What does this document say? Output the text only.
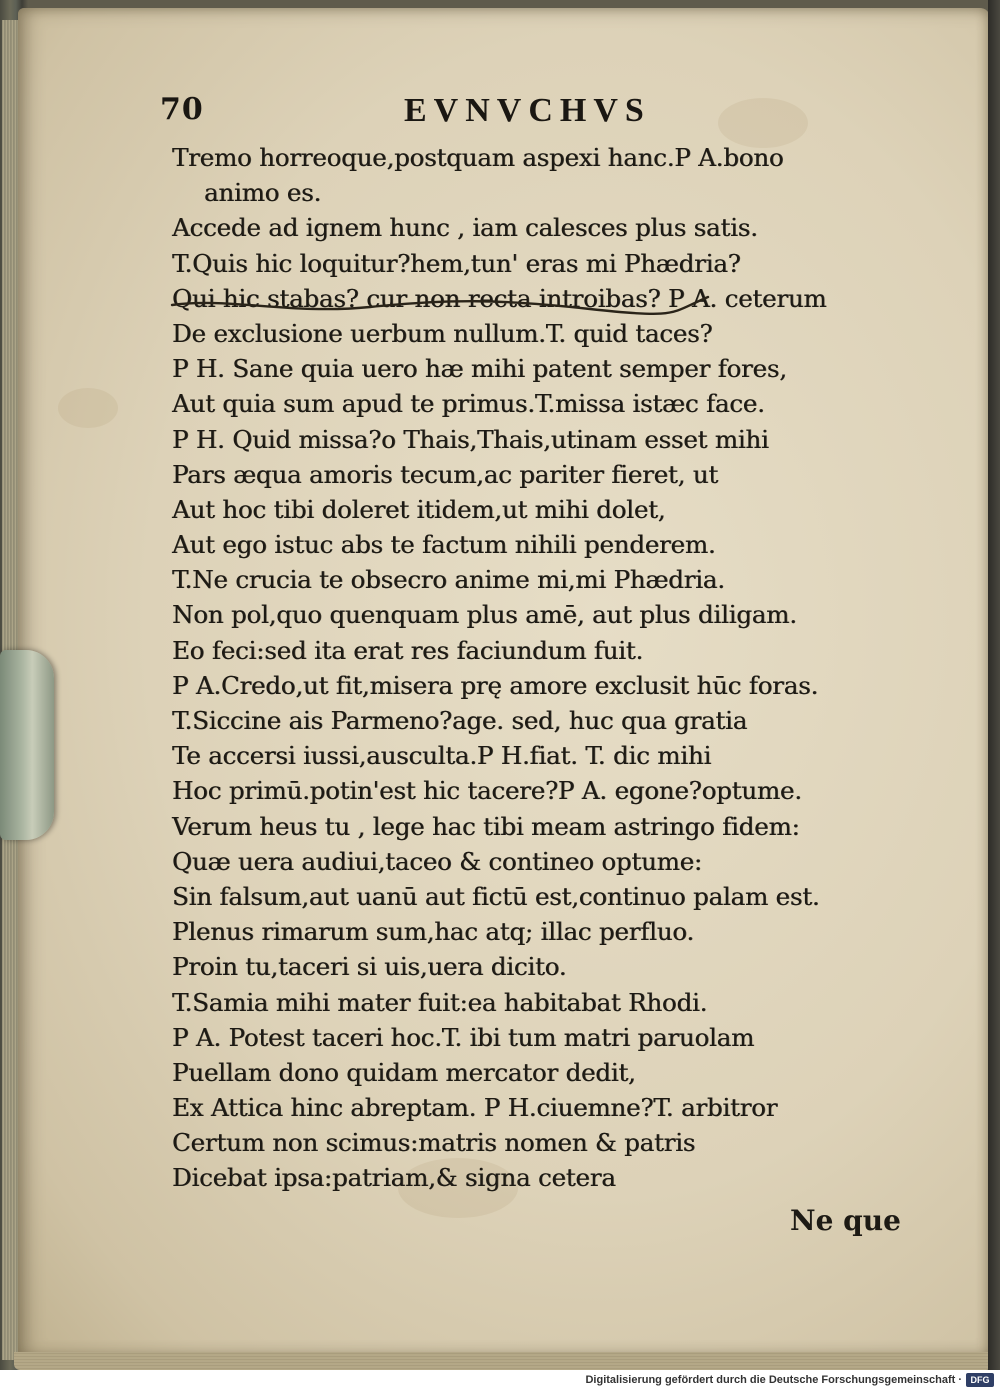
70	EVNVCHVS
Tremo horreoque,postquam aspexi hanc.P A.bono
animo es.
Accede ad ignem hunc , iam calesces plus satis.
T.Quis hic loquitur?hem,tun' eras mi Phædria?
Qui hic stabas? cur non recta introibas? P A. ceterum
De exclusione uerbum nullum.T. quid taces?
P H. Sane quia uero hæ mihi patent semper fores,
Aut quia sum apud te primus.T.missa istæc face.
P H. Quid missa?o Thais,Thais,utinam esset mihi
Pars æqua amoris tecum,ac pariter fieret, ut
Aut hoc tibi doleret itidem,ut mihi dolet,
Aut ego istuc abs te factum nihili penderem.
T.Ne crucia te obsecro anime mi,mi Phædria.
Non pol,quo quenquam plus amē, aut plus diligam.
Eo feci:sed ita erat res faciundum fuit.
P A.Credo,ut fit,misera prę amore exclusit hūc foras.
T.Siccine ais Parmeno?age. sed, huc qua gratia
Te accersi iussi,ausculta.P H.fiat. T. dic mihi
Hoc primū.potin'est hic tacere?P A. egone?optume.
Verum heus tu , lege hac tibi meam astringo fidem:
Quæ uera audiui,taceo & contineo optume:
Sin falsum,aut uanū aut fictū est,continuo palam est.
Plenus rimarum sum,hac atq; illac perfluo.
Proin tu,taceri si uis,uera dicito.
T.Samia mihi mater fuit:ea habitabat Rhodi.
P A. Potest taceri hoc.T. ibi tum matri paruolam
Puellam dono quidam mercator dedit,
Ex Attica hinc abreptam. P H.ciuemne?T. arbitror
Certum non scimus:matris nomen & patris
Dicebat ipsa:patriam,& signa cetera
Ne que
Digitalisierung gefördert durch die Deutsche Forschungsgemeinschaft · DFG
